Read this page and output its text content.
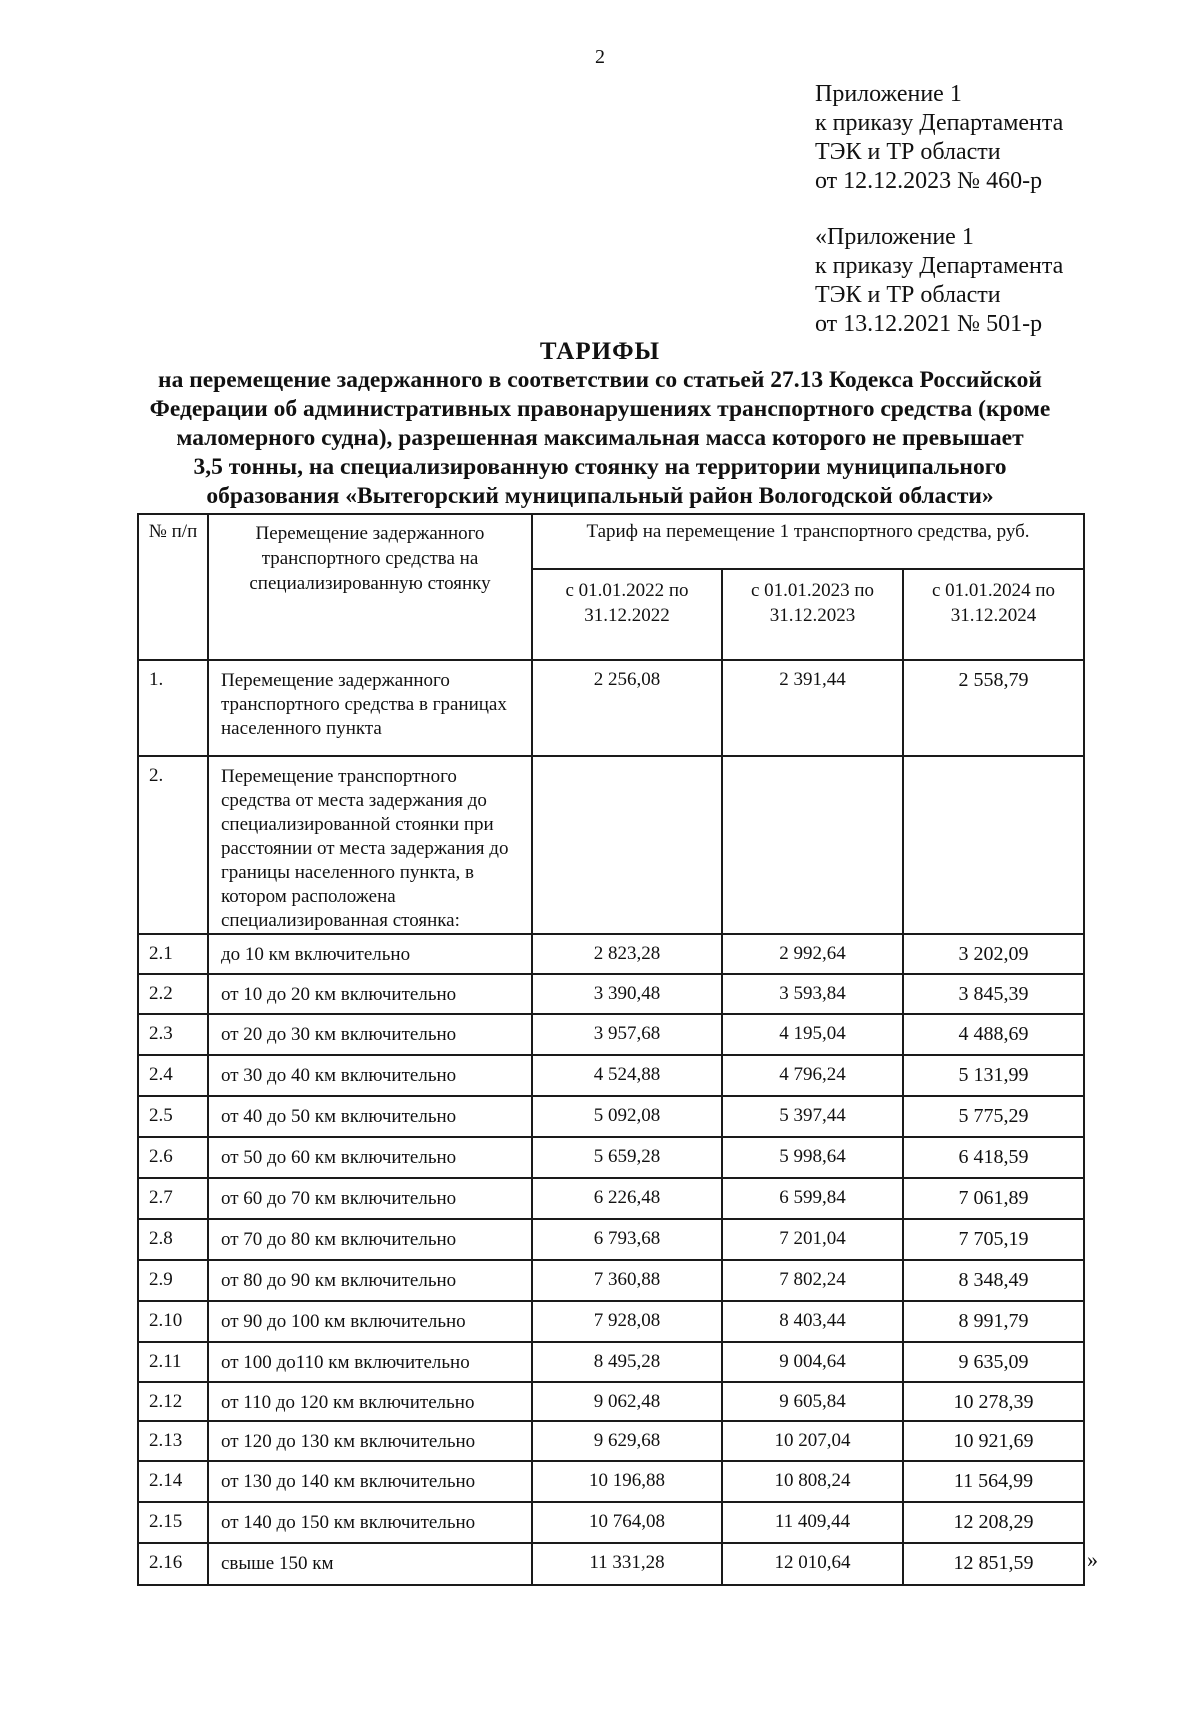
2
Приложение 1
к приказу Департамента
ТЭК и ТР области
от 12.12.2023 № 460-р
«Приложение 1
к приказу Департамента
ТЭК и ТР области
от 13.12.2021 № 501-р
ТАРИФЫ
на перемещение задержанного в соответствии со статьей 27.13 Кодекса Российской
Федерации об административных правонарушениях транспортного средства (кроме
маломерного судна), разрешенная максимальная масса которого не превышает
3,5 тонны, на специализированную стоянку на территории муниципального
образования «Вытегорский муниципальный район Вологодской области»
№ п/п	Перемещение задержанного транспортного средства на специализированную стоянку	Тариф на перемещение 1 транспортного средства, руб.		
		с 01.01.2022 по 31.12.2022	с 01.01.2023 по 31.12.2023	с 01.01.2024 по 31.12.2024
1.	Перемещение задержанного транспортного средства в границах населенного пункта	2 256,08	2 391,44	2 558,79
2.	Перемещение транспортного средства от места задержания до специализированной стоянки при расстоянии от места задержания до границы населенного пункта, в котором расположена специализированная стоянка:			
2.1	до 10 км включительно	2 823,28	2 992,64	3 202,09
2.2	от 10 до 20 км включительно	3 390,48	3 593,84	3 845,39
2.3	от 20 до 30 км включительно	3 957,68	4 195,04	4 488,69
2.4	от 30 до 40 км включительно	4 524,88	4 796,24	5 131,99
2.5	от 40 до 50 км включительно	5 092,08	5 397,44	5 775,29
2.6	от 50 до 60 км включительно	5 659,28	5 998,64	6 418,59
2.7	от 60 до 70 км включительно	6 226,48	6 599,84	7 061,89
2.8	от 70 до 80 км включительно	6 793,68	7 201,04	7 705,19
2.9	от 80 до 90 км включительно	7 360,88	7 802,24	8 348,49
2.10	от 90 до 100 км включительно	7 928,08	8 403,44	8 991,79
2.11	от 100 до110 км включительно	8 495,28	9 004,64	9 635,09
2.12	от 110 до 120 км включительно	9 062,48	9 605,84	10 278,39
2.13	от 120 до 130 км включительно	9 629,68	10 207,04	10 921,69
2.14	от 130 до 140 км включительно	10 196,88	10 808,24	11 564,99
2.15	от 140 до 150 км включительно	10 764,08	11 409,44	12 208,29
2.16	свыше 150 км	11 331,28	12 010,64	12 851,59 »
